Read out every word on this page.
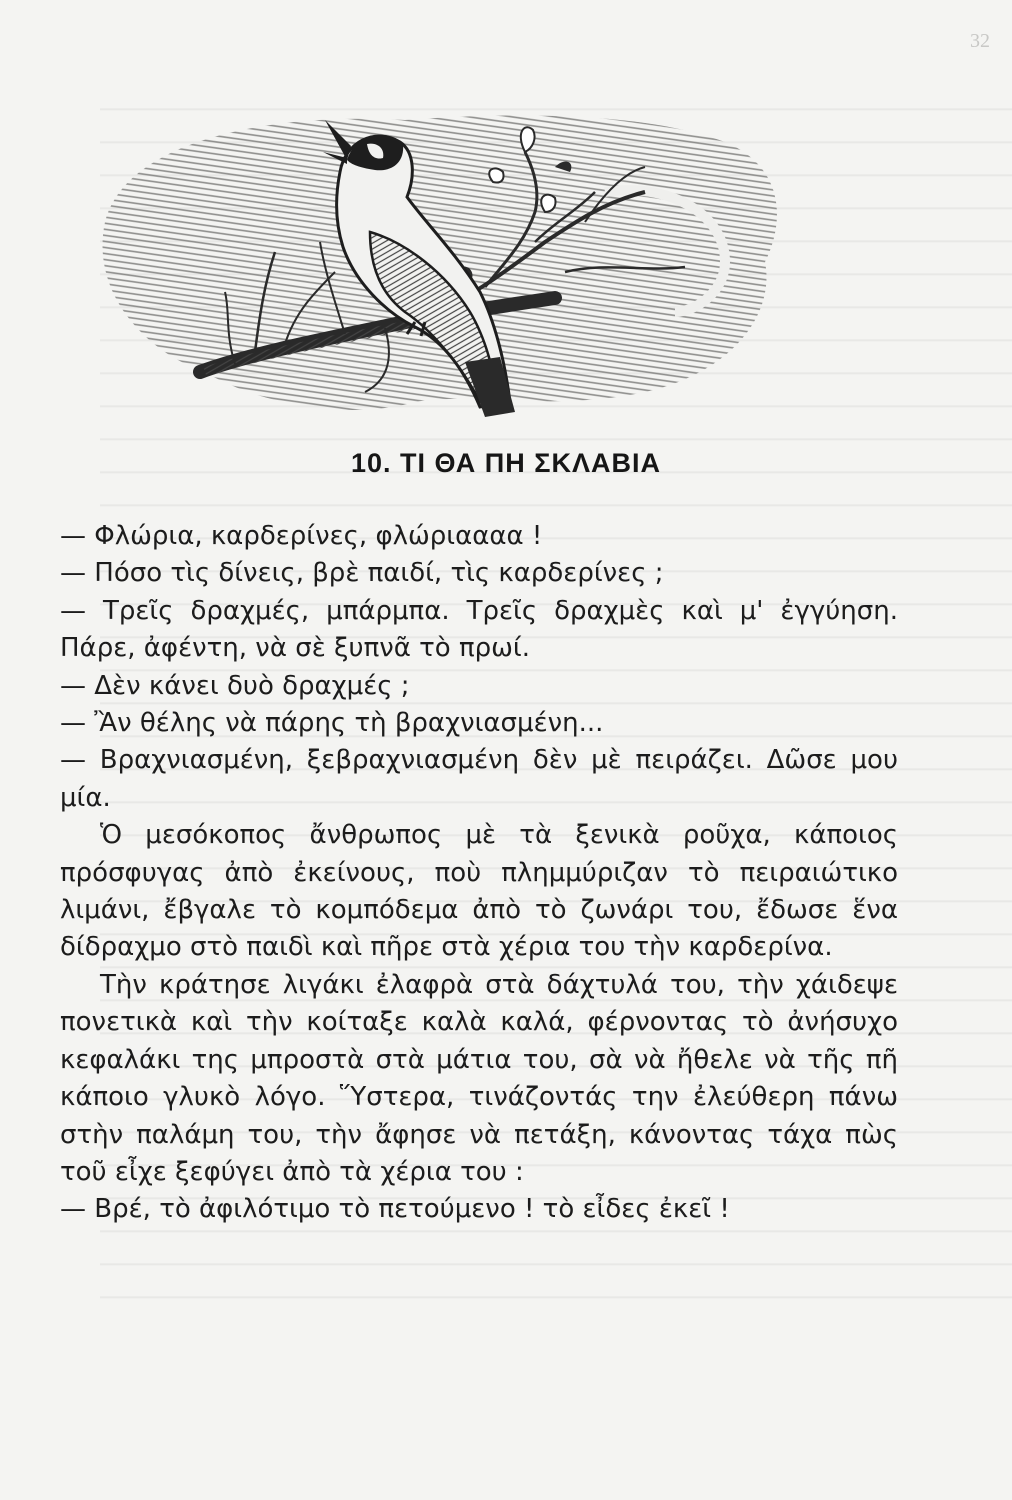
32
10. ΤΙ ΘΑ ΠΗ ΣΚΛΑΒΙΑ

— Φλώρια, καρδερίνες, φλώριαααα !

— Πόσο τὶς δίνεις, βρὲ παιδί, τὶς καρδερίνες ;

— Τρεῖς δραχμές, μπάρμπα. Τρεῖς δραχμὲς καὶ μ' ἐγγύηση. Πάρε, ἀφέντη, νὰ σὲ ξυπνᾶ τὸ πρωί.

— Δὲν κάνει δυὸ δραχμές ;

— Ἂν θέλης νὰ πάρης τὴ βραχνιασμένη...

— Βραχνιασμένη, ξεβραχνιασμένη δὲν μὲ πειράζει. Δῶσε μου μία.

Ὁ μεσόκοπος ἄνθρωπος μὲ τὰ ξενικὰ ροῦχα, κάποιος πρόσφυγας ἀπὸ ἐκείνους, ποὺ πλημμύριζαν τὸ πειραιώτικο λιμάνι, ἔβγαλε τὸ κομπόδεμα ἀπὸ τὸ ζωνάρι του, ἔδωσε ἕνα δίδραχμο στὸ παιδὶ καὶ πῆρε στὰ χέρια του τὴν καρδερίνα.

Τὴν κράτησε λιγάκι ἐλαφρὰ στὰ δάχτυλά του, τὴν χάιδεψε πονετικὰ καὶ τὴν κοίταξε καλὰ καλά, φέρνοντας τὸ ἀνήσυχο κεφαλάκι της μπροστὰ στὰ μάτια του, σὰ νὰ ἤθελε νὰ τῆς πῆ κάποιο γλυκὸ λόγο. Ὕστερα, τινάζοντάς την ἐλεύθερη πάνω στὴν παλάμη του, τὴν ἄφησε νὰ πετάξη, κάνοντας τάχα πὼς τοῦ εἶχε ξεφύγει ἀπὸ τὰ χέρια του :

— Βρέ, τὸ ἀφιλότιμο τὸ πετούμενο ! τὸ εἶδες ἐκεῖ !
